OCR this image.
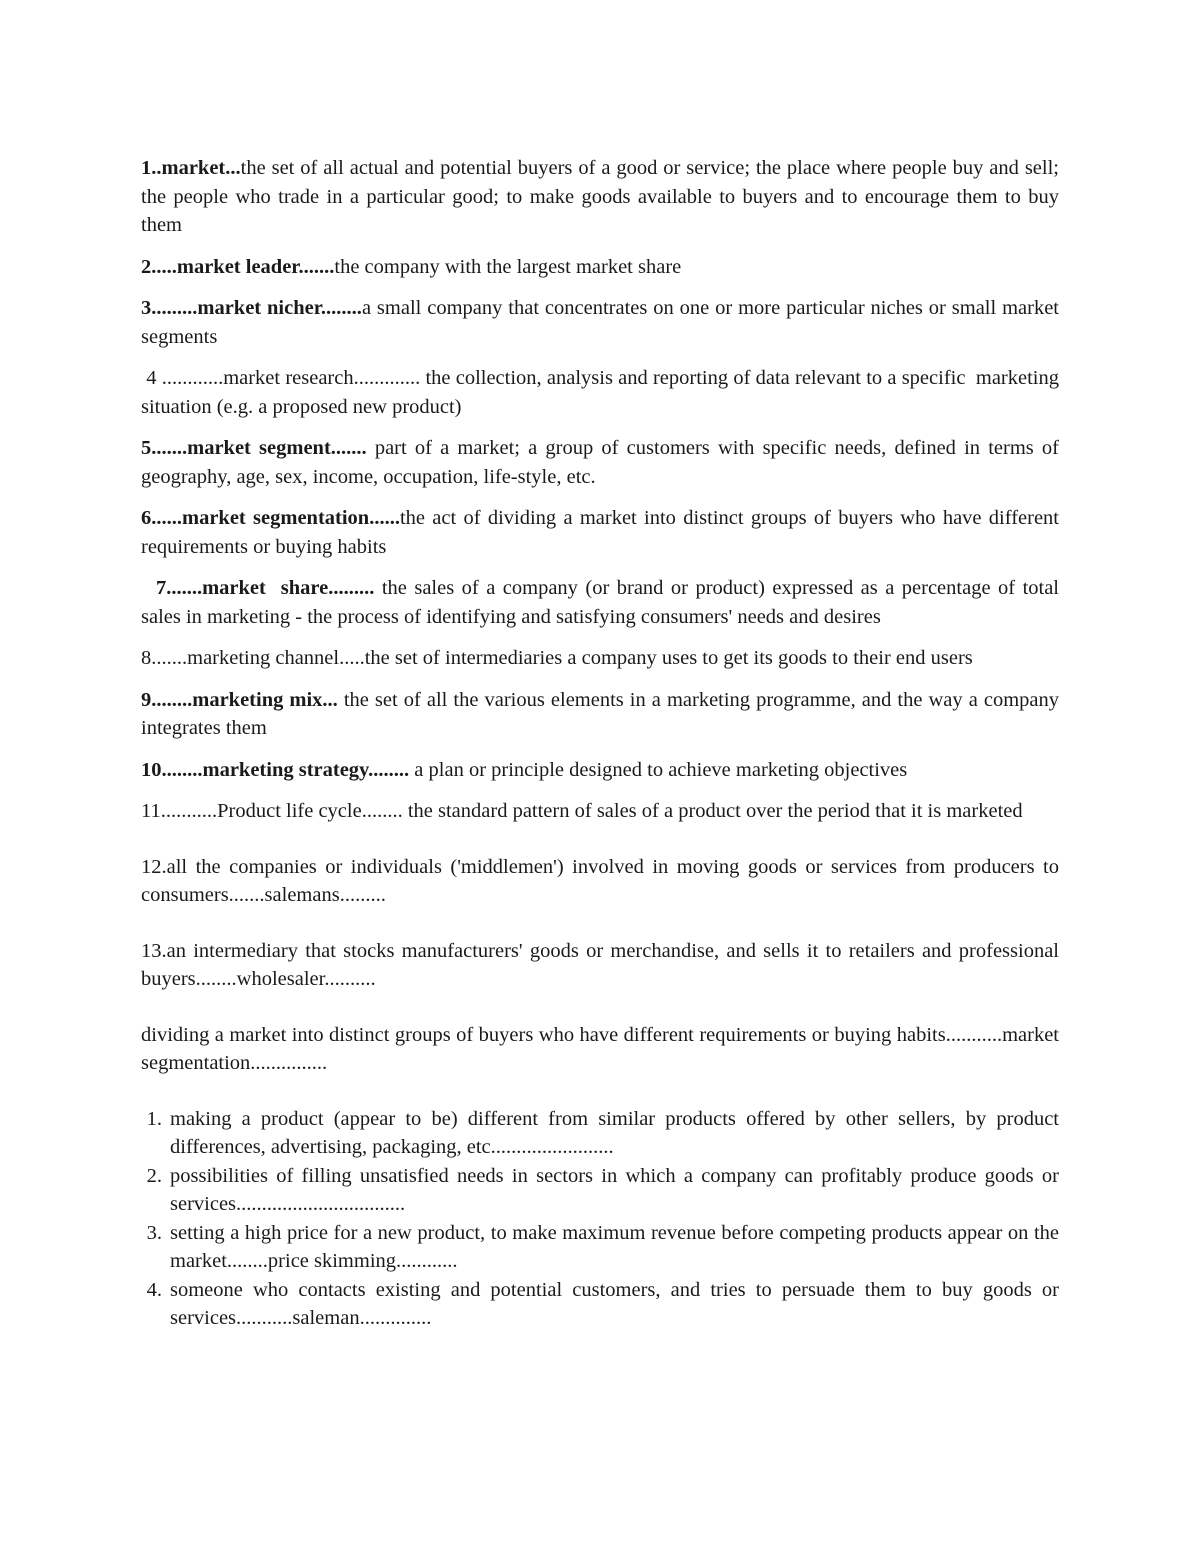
1..market...the set of all actual and potential buyers of a good or service; the place where people buy and sell; the people who trade in a particular good; to make goods available to buyers and to encourage them to buy them

2.....market leader.......the company with the largest market share

3.........market nicher........a small company that concentrates on one or more particular niches or small market segments

4 ............market research............. the collection, analysis and reporting of data relevant to a specific  marketing situation (e.g. a proposed new product)

5.......market segment....... part of a market; a group of customers with specific needs, defined in terms of geography, age, sex, income, occupation, life-style, etc.

6......market segmentation......the act of dividing a market into distinct groups of buyers who have different requirements or buying habits

7.......market  share......... the sales of a company (or brand or product) expressed as a percentage of total    sales in marketing - the process of identifying and satisfying consumers' needs and desires

8.......marketing channel.....the set of intermediaries a company uses to get its goods to their end users

9........marketing mix... the set of all the various elements in a marketing programme, and the way a company integrates them

10........marketing strategy........ a plan or principle designed to achieve marketing objectives

11...........Product life cycle........ the standard pattern of sales of a product over the period that it is marketed

12.all the companies or individuals ('middlemen') involved in moving goods or services from producers to consumers.......salemans.........

13.an intermediary that stocks manufacturers' goods or merchandise, and sells it to retailers and professional buyers........wholesaler..........

dividing a market into distinct groups of buyers who have different requirements or buying habits...........market segmentation...............

1. making a product (appear to be) different from similar products offered by other sellers, by product differences, advertising, packaging, etc........................
2. possibilities of filling unsatisfied needs in sectors in which a company can profitably produce goods or services.................................
3. setting a high price for a new product, to make maximum revenue before competing products appear on the market........price skimming............
4. someone who contacts existing and potential customers, and tries to persuade them to buy goods or services...........saleman..............
